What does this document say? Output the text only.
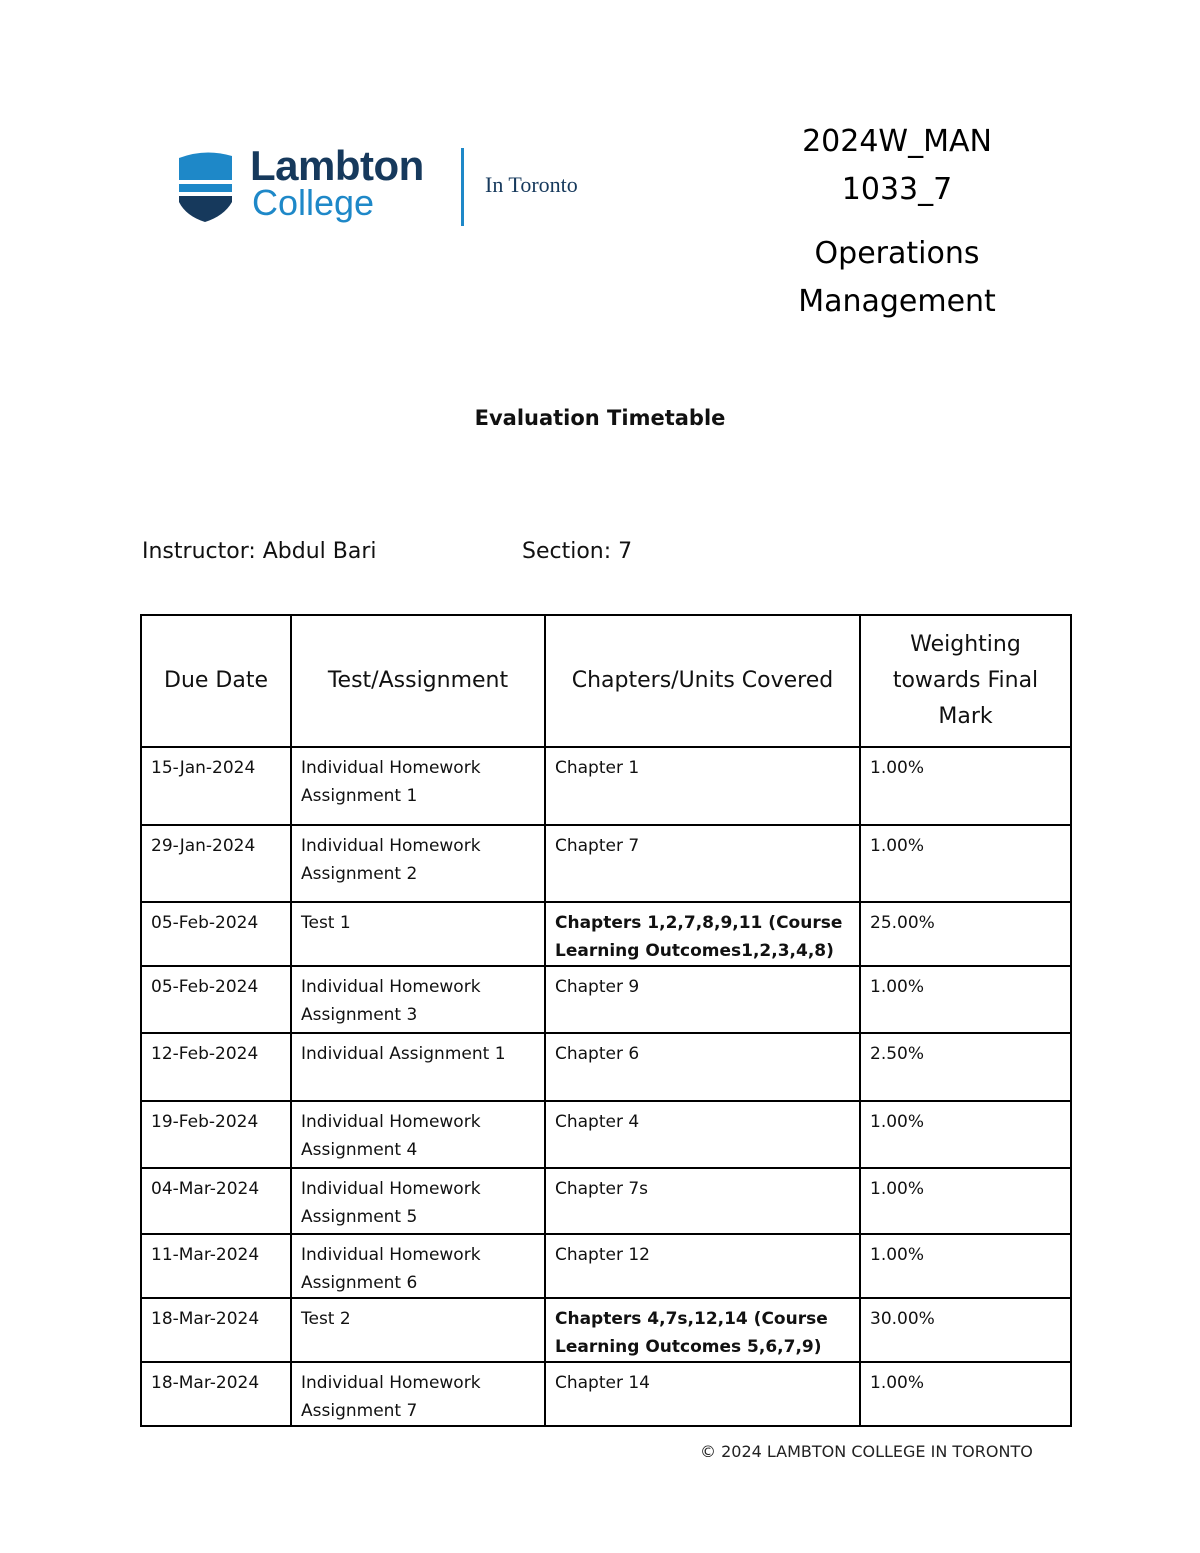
Lambton
College	In Toronto
2024W_MAN
1033_7
Operations
Management
Evaluation Timetable
Instructor: Abdul Bari	Section: 7
Due Date	Test/Assignment	Chapters/Units Covered	Weighting towards Final Mark
15-Jan-2024	Individual Homework Assignment 1	Chapter 1	1.00%
29-Jan-2024	Individual Homework Assignment 2	Chapter 7	1.00%
05-Feb-2024	Test 1	Chapters 1,2,7,8,9,11 (Course Learning Outcomes1,2,3,4,8)	25.00%
05-Feb-2024	Individual Homework Assignment 3	Chapter 9	1.00%
12-Feb-2024	Individual Assignment 1	Chapter 6	2.50%
19-Feb-2024	Individual Homework Assignment 4	Chapter 4	1.00%
04-Mar-2024	Individual Homework Assignment 5	Chapter 7s	1.00%
11-Mar-2024	Individual Homework Assignment 6	Chapter 12	1.00%
18-Mar-2024	Test 2	Chapters 4,7s,12,14 (Course Learning Outcomes 5,6,7,9)	30.00%
18-Mar-2024	Individual Homework Assignment 7	Chapter 14	1.00%
© 2024 LAMBTON COLLEGE IN TORONTO
